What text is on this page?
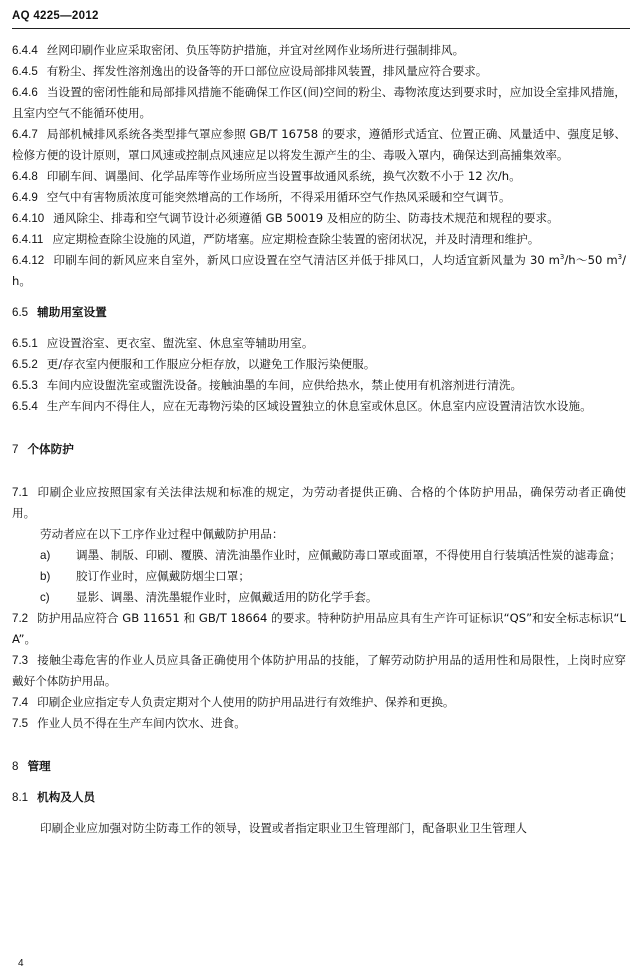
AQ 4225—2012

6.4.4 丝网印刷作业应采取密闭、负压等防护措施，并宜对丝网作业场所进行强制排风。

6.4.5 有粉尘、挥发性溶剂逸出的设备等的开口部位应设局部排风装置，排风量应符合要求。

6.4.6 当设置的密闭性能和局部排风措施不能确保工作区(间)空间的粉尘、毒物浓度达到要求时，应加设全室排风措施，且室内空气不能循环使用。

6.4.7 局部机械排风系统各类型排气罩应参照 GB/T 16758 的要求，遵循形式适宜、位置正确、风量适中、强度足够、检修方便的设计原则，罩口风速或控制点风速应足以将发生源产生的尘、毒吸入罩内，确保达到高捕集效率。

6.4.8 印刷车间、调墨间、化学品库等作业场所应当设置事故通风系统，换气次数不小于 12 次/h。

6.4.9 空气中有害物质浓度可能突然增高的工作场所，不得采用循环空气作热风采暖和空气调节。

6.4.10 通风除尘、排毒和空气调节设计必须遵循 GB 50019 及相应的防尘、防毒技术规范和规程的要求。

6.4.11 应定期检查除尘设施的风道，严防堵塞。应定期检查除尘装置的密闭状况，并及时清理和维护。

6.4.12 印刷车间的新风应来自室外，新风口应设置在空气清洁区并低于排风口，人均适宜新风量为 30 $m^3/h\sim 50$ $m^3/h$。

6.5 辅助用室设置

6.5.1 应设置浴室、更衣室、盥洗室、休息室等辅助用室。

6.5.2 更/存衣室内便服和工作服应分柜存放，以避免工作服污染便服。

6.5.3 车间内应设盥洗室或盥洗设备。接触油墨的车间，应供给热水，禁止使用有机溶剂进行清洗。

6.5.4 生产车间内不得住人，应在无毒物污染的区域设置独立的休息室或休息区。休息室内应设置清洁饮水设施。

7 个体防护

7.1 印刷企业应按照国家有关法律法规和标准的规定，为劳动者提供正确、合格的个体防护用品，确保劳动者正确使用。

劳动者应在以下工序作业过程中佩戴防护用品：

a)	调墨、制版、印刷、覆膜、清洗油墨作业时，应佩戴防毒口罩或面罩，不得使用自行装填活性炭的滤毒盒；
b)	胶订作业时，应佩戴防烟尘口罩；
c)	显影、调墨、清洗墨辊作业时，应佩戴适用的防化学手套。

7.2 防护用品应符合 GB 11651 和 GB/T 18664 的要求。特种防护用品应具有生产许可证标识“QS”和安全标志标识“LA”。

7.3 接触尘毒危害的作业人员应具备正确使用个体防护用品的技能，了解劳动防护用品的适用性和局限性，上岗时应穿戴好个体防护用品。

7.4 印刷企业应指定专人负责定期对个人使用的防护用品进行有效维护、保养和更换。

7.5 作业人员不得在生产车间内饮水、进食。

8 管理

8.1 机构及人员

印刷企业应加强对防尘防毒工作的领导，设置或者指定职业卫生管理部门，配备职业卫生管理人

4
